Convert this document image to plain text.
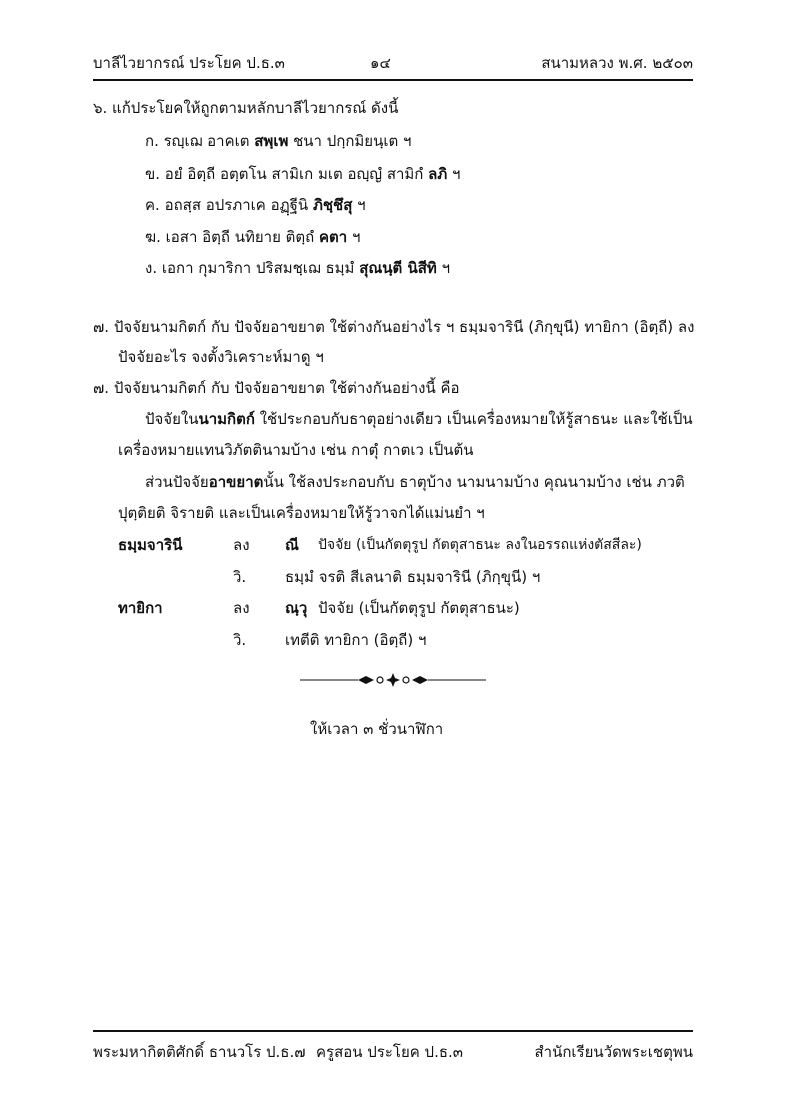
บาลีไวยากรณ์ ประโยค ป.ธ.๓	๑๔	สนามหลวง พ.ศ. ๒๕๐๓
๖. แก้ประโยคให้ถูกตามหลักบาลีไวยากรณ์ ดังนี้
ก. รญฺเฌ อาคเต สพฺเพ ชนา ปกฺกมิยนฺเต ฯ
ข. อยํ อิตฺถี อตฺตโน สามิเก มเต อญฺญํ สามิกํ ลภิ ฯ
ค. อถสฺส อปรภาเค อฏฺฐีนิ ภิชฺชึสุ ฯ
ฆ. เอสา อิตฺถี นทิยาย ติตฺถํ คตา ฯ
ง. เอกา กุมาริกา ปริสมชฺเฌ ธมฺมํ สุณนฺตี นิสีทิ ฯ
๗. ปัจจัยนามกิตก์ กับ ปัจจัยอาขยาต ใช้ต่างกันอย่างไร ฯ ธมฺมจารินี (ภิกฺขุนี) ทายิกา (อิตฺถี) ลง
ปัจจัยอะไร จงตั้งวิเคราะห์มาดู ฯ
๗. ปัจจัยนามกิตก์ กับ ปัจจัยอาขยาต ใช้ต่างกันอย่างนี้ คือ
ปัจจัยในนามกิตก์ ใช้ประกอบกับธาตุอย่างเดียว เป็นเครื่องหมายให้รู้สาธนะ และใช้เป็น
เครื่องหมายแทนวิภัตตินามบ้าง เช่น กาตุํ กาตเว เป็นต้น
ส่วนปัจจัยอาขยาตนั้น ใช้ลงประกอบกับ ธาตุบ้าง นามนามบ้าง คุณนามบ้าง เช่น ภวติ
ปุตฺติยติ จิรายติ และเป็นเครื่องหมายให้รู้วาจกได้แม่นยำ ฯ
ธมฺมจารินี	ลง ณี ปัจจัย (เป็นกัตตุรูป กัตตุสาธนะ ลงในอรรถแห่งตัสสีละ)
วิ.	ธมฺมํ จรติ สีเลนาติ ธมฺมจารินี (ภิกฺขุนี) ฯ
ทายิกา	ลง ณฺวุ ปัจจัย (เป็นกัตตุรูป กัตตุสาธนะ)
วิ.	เทตีติ ทายิกา (อิตฺถี) ฯ
ให้เวลา ๓ ชั่วนาฬิกา
พระมหากิตติศักดิ์ ธานวโร ป.ธ.๗ ครูสอน ประโยค ป.ธ.๓	สำนักเรียนวัดพระเชตุพน
